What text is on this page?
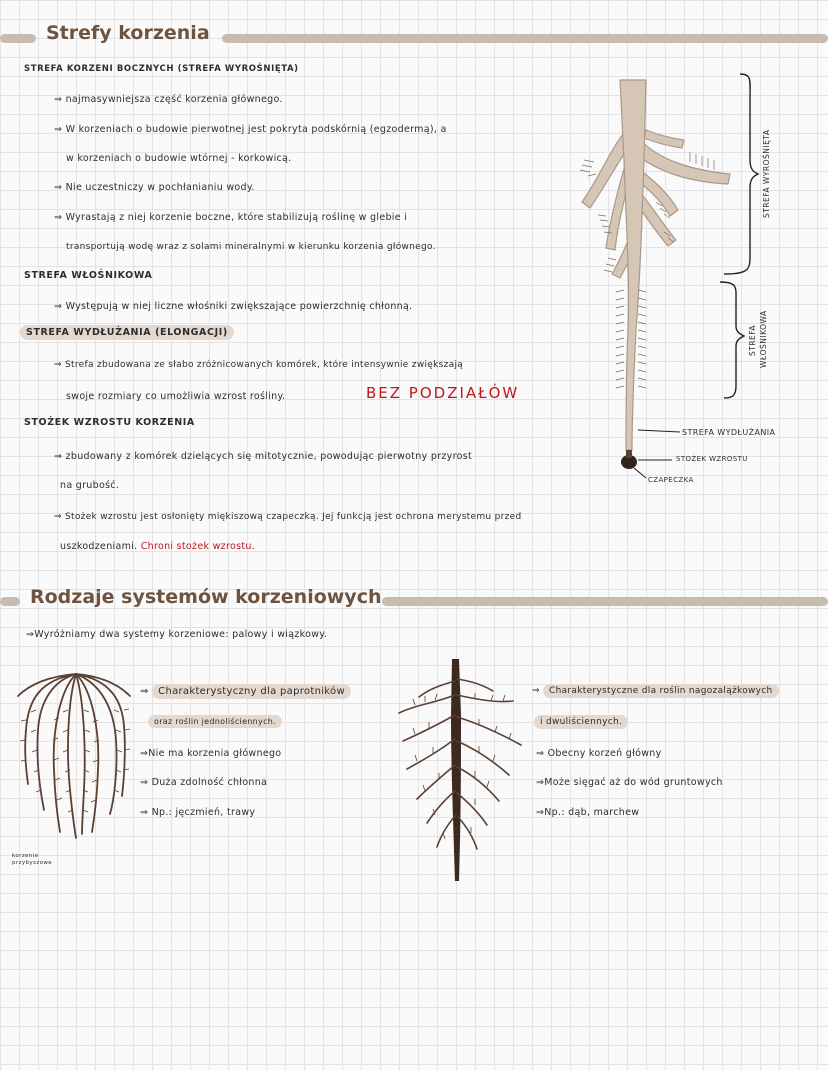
Strefy korzenia
STREFA KORZENI BOCZNYCH (STREFA WYROŚNIĘTA)
⇒ najmasywniejsza część korzenia głównego.
⇒ W korzeniach o budowie pierwotnej jest pokryta podskórnią (egzodermą), a
w korzeniach o budowie wtórnej - korkowicą.
⇒ Nie uczestniczy w pochłanianiu wody.
⇒ Wyrastają z niej korzenie boczne, które stabilizują roślinę w glebie i
transportują wodę wraz z solami mineralnymi w kierunku korzenia głównego.
STREFA WŁOŚNIKOWA
⇒ Występują w niej liczne włośniki zwiększające powierzchnię chłonną.
STREFA WYDŁUŻANIA (ELONGACJI)
⇒ Strefa zbudowana ze słabo zróżnicowanych komórek, które intensywnie zwiększają
swoje rozmiary co umożliwia wzrost rośliny.	BEZ PODZIAŁÓW
STOŻEK WZROSTU KORZENIA
⇒ zbudowany z komórek dzielących się mitotycznie, powodując pierwotny przyrost
na grubość.
⇒ Stożek wzrostu jest osłonięty miękiszową czapeczką. Jej funkcją jest ochrona merystemu przed
uszkodzeniami. Chroni stożek wzrostu.
STREFA WYROŚNIĘTA
STREFA WŁOŚNIKOWA
STREFA WYDŁUŻANIA
STOŻEK WZROSTU
CZAPECZKA
Rodzaje systemów korzeniowych
⇒Wyróżniamy dwa systemy korzeniowe: palowy i wiązkowy.
korzenie
przybyszowe
⇒ Charakterystyczny dla paprotników
oraz roślin jednoliściennych.
⇒Nie ma korzenia głównego
⇒ Duża zdolność chłonna
⇒ Np.: jęczmień, trawy
⇒ Charakterystyczne dla roślin nagozalążkowych
i dwuliściennych.
⇒ Obecny korzeń główny
⇒Może sięgać aż do wód gruntowych
⇒Np.: dąb, marchew
